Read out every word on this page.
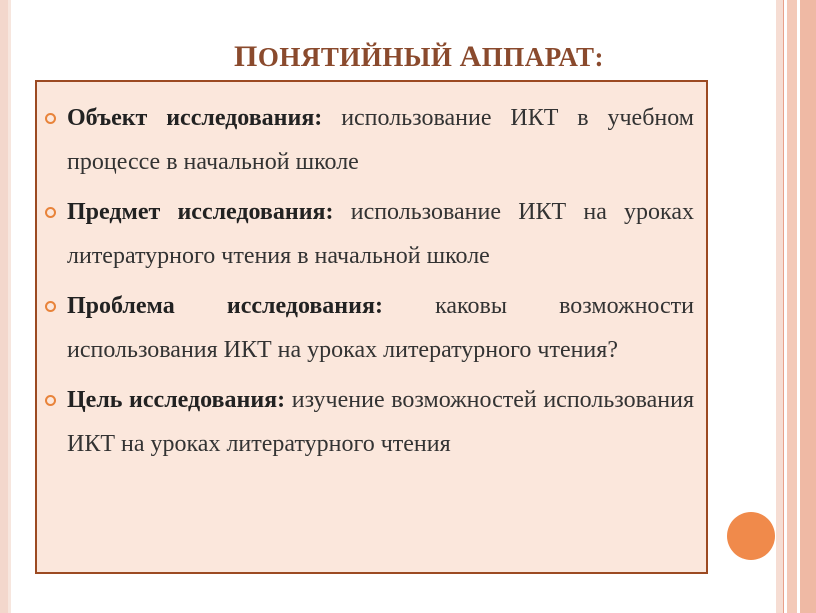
ПОНЯТИЙНЫЙ АППАРАТ:
Объект исследования: использование ИКТ в учебном процессе в начальной школе
Предмет исследования: использование ИКТ на уроках литературного чтения в начальной школе
Проблема исследования: каковы возможности использования ИКТ на уроках литературного чтения?
Цель исследования: изучение возможностей использования ИКТ на уроках литературного чтения
